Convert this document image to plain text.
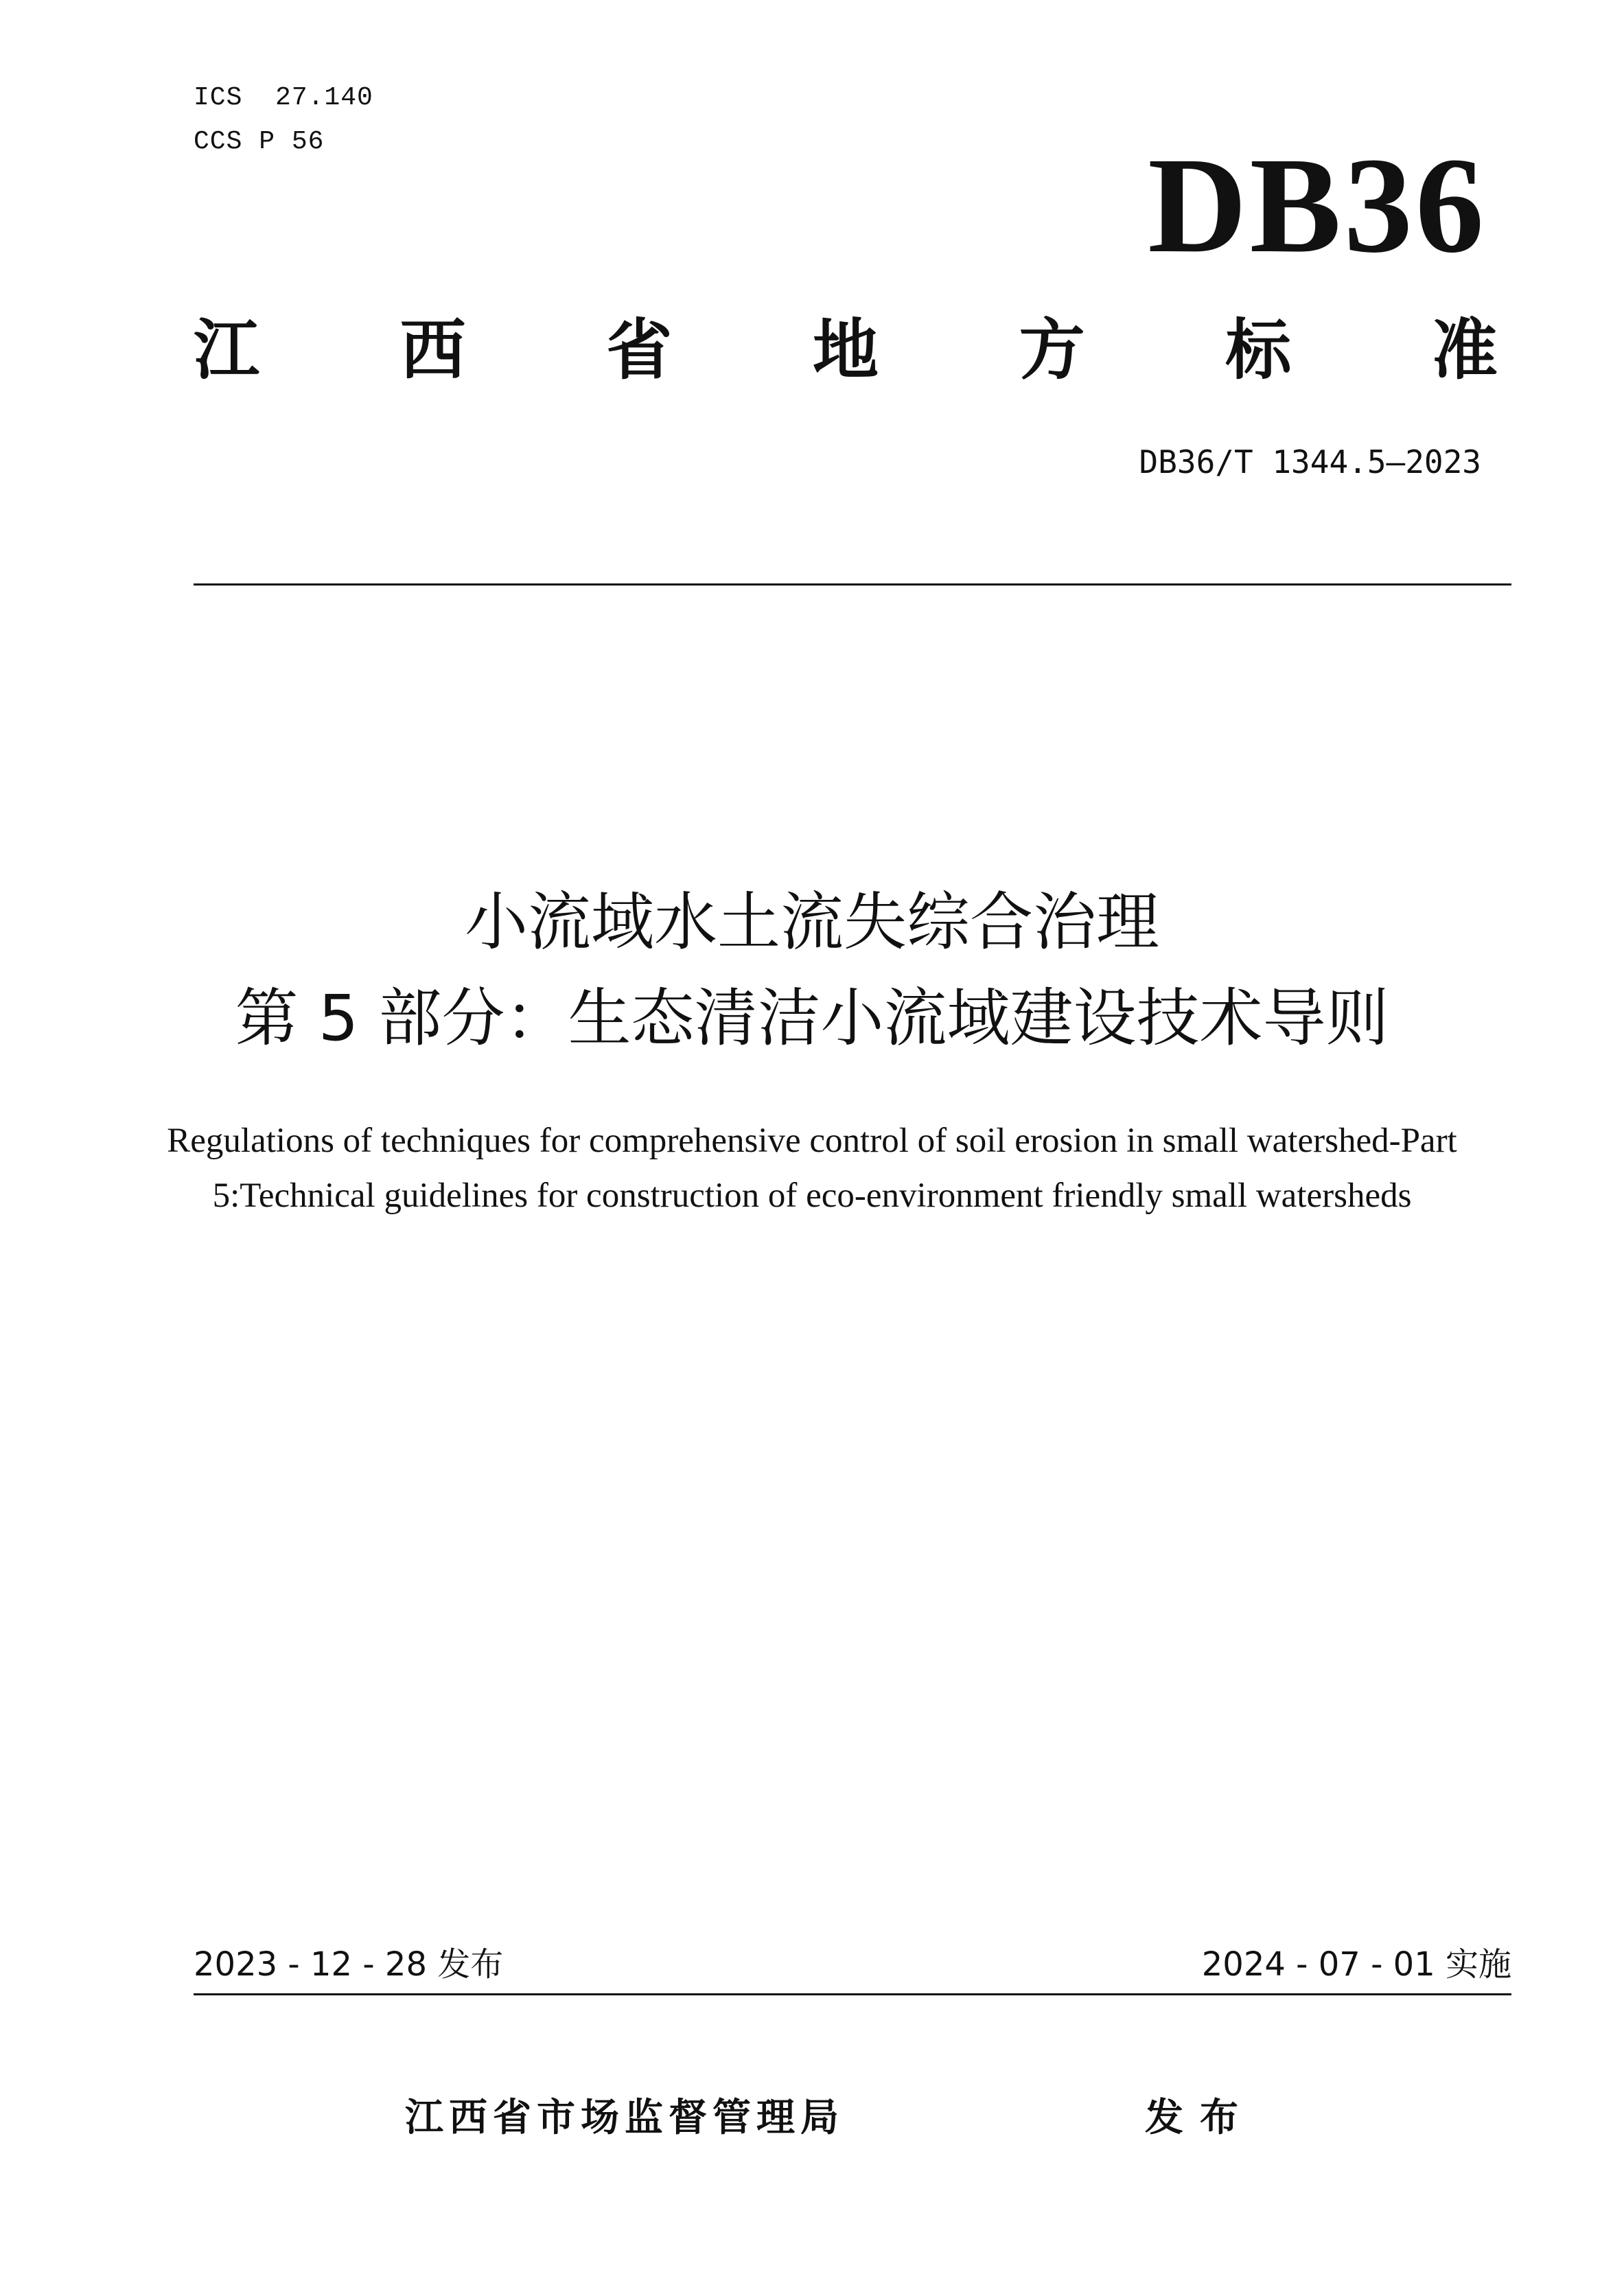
ICS  27.140
CCS P 56	DB36
江 西 省 地 方 标 准
DB36/T 1344.5—2023
小流域水土流失综合治理
第 5 部分：生态清洁小流域建设技术导则
Regulations of techniques for comprehensive control of soil erosion in small watershed-Part 5:Technical guidelines for construction of eco-environment friendly small watersheds
2023 - 12 - 28 发布	2024 - 07 - 01 实施
江西省市场监督管理局	发布
